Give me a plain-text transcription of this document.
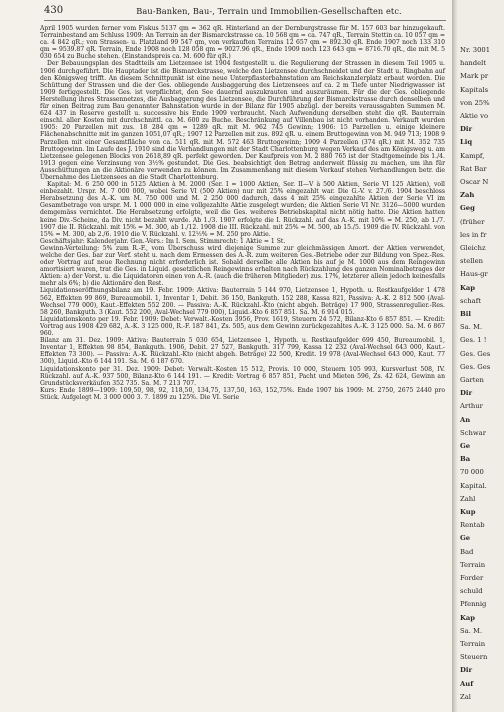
430	Bau-Banken, Bau-, Terrain und Immobilien-Gesellschaften etc.

April 1905 wurden ferner vom Fiskus 5137 qm = 362 qR. Hinterland an der Dernburgstrasse für M. 157 603 bar hinzugekauft. Terrainbestand am Schluss 1909: An Terrain an der Bismarckstrasse ca. 10 568 qm = ca. 747 qR., Terrain Stettin ca. 10 057 qm = ca. 4 842 qR.; von Strassen- u. Platzland 99 547 qm, von verkauften Terrains 12 657 qm = 892.30 qR. Ende 1907 noch 133 310 qm = 9539.87 qR. Terrain, Ende 1908 noch 128 058 qm = 9027.96 qR., Ende 1909 noch 123 643 qm = 8716.70 qR., die mit M. 5 030 654 zu Buche stehen. (Einstandspreis ca. M. 600 für qR.)

Der Bebauungsplan des Stadtteils am Lietzensee ist 1904 festgestellt u. die Regulierung der Strassen in diesem Teil 1905 u. 1906 durchgeführt. Die Hauptader ist die Bismarckstrasse, welche den Lietzensee durchschneidet und der Stadt u. Ringbahn auf den Königsweg trifft. An diesem Schnittpunkt ist eine neue Unterpflasterbahnstation am Reichskanzlerplatz erbaut worden. Die Schüttung der Strassen und die der Ges. obliegende Ausbaggerung des Lietzensees auf ca. 2 m Tiefe unter Niedrigwasser ist 1909 fertiggestellt. Die Ges. ist verpflichtet, den See dauernd auszukrauten und auszuräumen. Für die der Ges. obliegende Herstellung ihres Strassennetzes, die Ausbaggerung des Lietzensee, die Durchführung der Bismarckstrasse durch denselben und für einen Beitrag zum Bau genannter Bahnstation wurde in der Bilanz für 1905 abzügl. der bereits veraussgabten Summen M. 624 437 in Reserve gestellt u. successive bis Ende 1909 verbraucht. Nach Aufwendung derselben steht die qR. Bauterrain einschl. aller Kosten mit durchschnittl. ca. M. 600 zu Buche. Beschränkung auf Villenbau ist nicht vorhanden. Verkauft wurden 1905: 20 Parzellen mit zus. 18 284 qm = 1289 qR. mit M. 962 745 Gewinn; 1906: 15 Parzellen u. einige kleinere Flächenabschnitte mit im ganzen 1051,07 qR.; 1907 12 Parzellen mit zus. 892 qR. u. einem Bruttogewinn von M. 949 713; 1908 9 Parzellen mit einer Gesamtfläche von ca. 511 qR. mit M. 572 463 Bruttogewinn; 1909 4 Parzellen (374 qR.) mit M. 352 735 Bruttogewinn. Im Laufe des J. 1910 sind die Verhandlungen mit der Stadt Charlottenburg wegen Verkauf des am Königsweg u. am Lietzensee gelegenen Blocks von 2618,89 qR. perfekt geworden. Der Kaufpreis von M. 2 880 765 ist der Stadtgemeinde bis 1./4. 1913 gegen eine Verzinsung von 3½% gestundet. Die Ges. beabsichtigt den Betrag anderweit flüssig zu machen, um ihn für Ausschüttungen an die Aktionäre verwenden zu können. Im Zusammenhang mit diesem Verkauf stehen Verhandlungen betr. die Übernahme des Lietzensees an die Stadt Charlottenburg.

Kapital: M. 6 250 000 in 5125 Aktien à M. 2000 (Ser. I = 1000 Aktien, Ser. II—V à 500 Aktien, Serie VI 125 Aktien), voll einbezahlt. Urspr. M. 7 000 000, wobei Serie VI (500 Aktien) nur mit 25% eingezahlt war. Die G.-V. v. 27./6. 1904 beschloss Herabsetzung des A.-K. um M. 750 000 und M. 2 250 000 dadurch, dass 4 mit 25% eingezahlte Aktien der Serie VI im Gesamtbetrage von urspr. M. 1 000 000 in eine vollgezahlte Aktie zusgelegt wurden; die Aktien Serie VI Nr. 3126—5000 wurden demgemäss vernichtet. Die Herabsetzung erfolgte, weil die Ges. weiteres Betriebskapital nicht nötig hatte. Die Aktien hatten keine Div.-Scheine, da Div. nicht bezahlt wurde. Ab 1./3. 1907 erfolgte die I. Rückzahl. auf das A.-K. mit 10% = M. 250, ab 1./7. 1907 die II. Rückzahl. mit 15% = M. 300, ab 1./12. 1908 die III. Rückzahl. mit 25% = M. 500, ab 15./5. 1909 die IV. Rückzahl. von 15% = M. 300, ab 2./6. 1910 die V. Rückzahl. v. 12½% = M. 250 pro Aktie.

Geschäftsjahr: Kalenderjahr. Gen.-Vers.: Im I. Sem. Stimmrecht: 1 Aktie = 1 St.

Gewinn-Verteilung: 5% zum R.-F., vom Überschuss wird diejenige Summe zur gleichmässigen Amort. der Aktien verwendet, welche der Ges. bar zur Verf. steht u. nach dem Ermessen des A.-R. zum weiteren Ges.-Betriebe oder zur Bildung von Spez.-Res. oder Vortrag auf neue Rechnung nicht erforderlich ist. Sobald derselbe alle Aktien bis auf je M. 1000 aus dem Reingewinn amortisiert waren, trat die Ges. in Liquid. gesetzlichen Reingewinns erhalten nach Rückzahlung des ganzen Nominalbetrages der Aktien: a) der Vorst. u. die Liquidatoren einen von A.-R. (auch die früheren Mitglieder) zus. 17%, letzterer allein jedoch keinesfalls mehr als 6%; b) die Aktionäre den Rest.

Liquidationseröffnungsbilanz am 19. Febr. 1909: Aktiva: Bauterrain 5 144 970, Lietzensee 1, Hypoth. u. Restkaufgelder 1 478 562, Effekten 99 869, Bureaumobil. 1, Inventar 1, Debit. 36 150, Bankguth. 152 288, Kassa 821, Passiva: A.-K. 2 812 500 (Aval-Wechsel 779 000), Kaut.-Effekten 552 200. — Passiva: A.-K. Rückzahl.-Kto (nicht abgeh. Beträge) 17 900, Strassenregulier.-Res. 58 260, Bankguth. 3 (Kaut. 552 200, Aval-Wechsel 779 000), Liquid.-Kto 6 857 851. Sa. M. 6 914 015.

Liquidationskonto per 19. Febr. 1909: Debet: Verwalt.-Kosten 3956, Prov. 1619, Steuern 24 572, Bilanz-Kto 6 857 851. — Kredit: Vortrag aus 1908 429 682, A.-K. 3 125 000, R.-F. 187 841, Zs. 505, aus dem Gewinn zurückgezahltes A.-K. 3 125 000. Sa. M. 6 867 960.

Bilanz am 31. Dez. 1909: Aktiva: Bauterrain 5 030 654, Lietzensee 1, Hypoth. u. Restkaufgelder 699 450, Bureaumobil. 1, Inventar 1, Effekten 98 854, Bankguth. 1906, Debit. 27 527, Bankguth. 317 799, Kassa 12 232 (Aval-Wechsel 643 000, Kaut.-Effekten 73 300). — Passiva: A.-K. Rückzahl.-Kto (nicht abgeh. Beträge) 22 500, Kredit. 19 978 (Aval-Wechsel 643 000, Kaut. 77 300), Liquid.-Kto 6 144 191. Sa. M. 6 187 670.

Liquidationskonto per 31. Dez. 1909: Debet: Verwalt.-Kosten 15 512, Provis. 10 000, Steuern 105 993, Kursverlust 508, IV. Rückzahl. auf A.-K. 937 500, Bilanz-Kto 6 144 191. — Kredit: Vortrag 6 857 851, Pacht und Mieten 596, Zs. 42 624, Gewinn an Grundstücksverkäufen 352 735. Sa. M. 7 213 707.

Kurs: Ende 1899—1909: 109,50, 98, 92, 118,50, 134,75, 137,50, 163, 152,75%. Ende 1907 bis 1909: M. 2750, 2675 2440 pro Stück. Aufgelegt M. 3 000 000 3. 7. 1899 zu 125%. Die VI. Serie

Nr. 3001
handelt
Mark pr
Kapitals
von 25%
Aktie vo
Dir
Liq
Kampf,
Rat Bar
Oscar N
Zah
Geg
(früher
les in fr
Gleichz
stellen
Haus-gr
Kap
schaft
Bil
Sa. M.
Ges. 1 !
Ges. Ges
Ges. Ges
Garten
Dir
Arthur
An
Schwar
Ge
Ba
70 000
Kapital.
Zahl
Kup
Rentab
Ge
Bad
Terrain
Forder
schuld
Pfennig
Kap
Sa. M.
Terrain
Steuern
Dir
Auf
Zal
